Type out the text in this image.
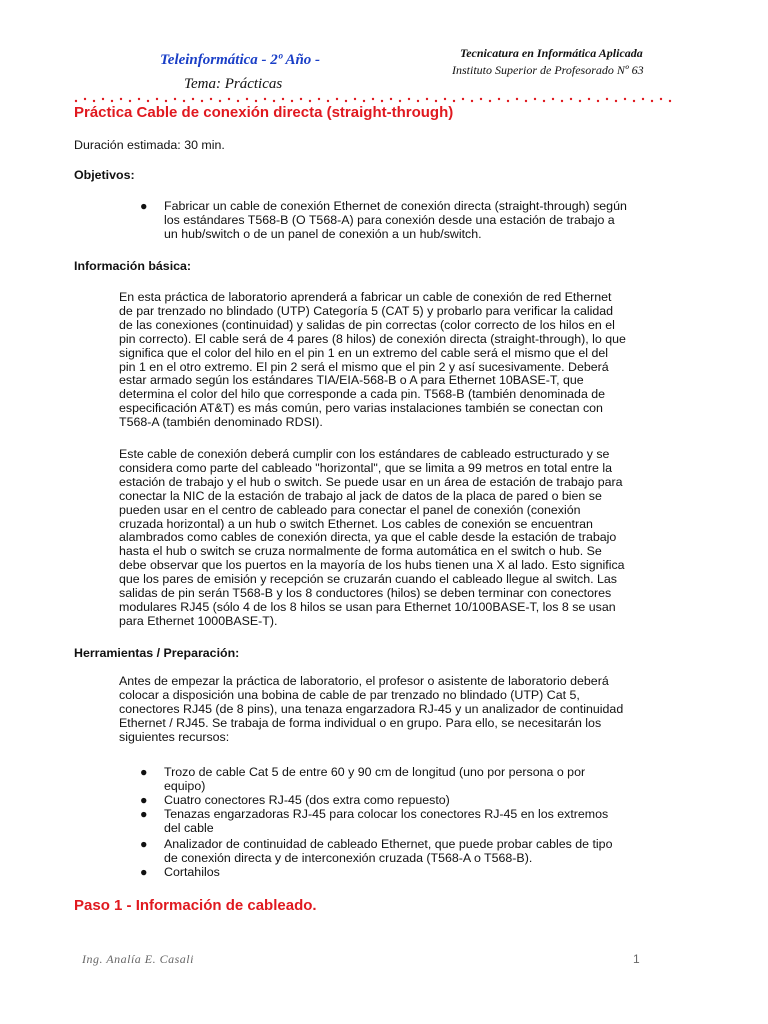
Teleinformática - 2º Año -
Tema: Prácticas
Tecnicatura en Informática Aplicada
Instituto Superior de Profesorado Nº 63
Práctica Cable de conexión directa (straight-through)
Duración estimada: 30 min.
Objetivos:
●	Fabricar un cable de conexión Ethernet de conexión directa (straight-through) según
los estándares T568-B (O T568-A) para conexión desde una estación de trabajo a
un hub/switch o de un panel de conexión a un hub/switch.
Información básica:
En esta práctica de laboratorio aprenderá a fabricar un cable de conexión de red Ethernet
de par trenzado no blindado (UTP) Categoría 5 (CAT 5) y probarlo para verificar la calidad
de las conexiones (continuidad) y salidas de pin correctas (color correcto de los hilos en el
pin correcto). El cable será de 4 pares (8 hilos) de conexión directa (straight-through), lo que
significa que el color del hilo en el pin 1 en un extremo del cable será el mismo que el del
pin 1 en el otro extremo. El pin 2 será el mismo que el pin 2 y así sucesivamente. Deberá
estar armado según los estándares TIA/EIA-568-B o A para Ethernet 10BASE-T, que
determina el color del hilo que corresponde a cada pin. T568-B (también denominada de
especificación AT&T) es más común, pero varias instalaciones también se conectan con
T568-A (también denominado RDSI).
Este cable de conexión deberá cumplir con los estándares de cableado estructurado y se
considera como parte del cableado "horizontal", que se limita a 99 metros en total entre la
estación de trabajo y el hub o switch. Se puede usar en un área de estación de trabajo para
conectar la NIC de la estación de trabajo al jack de datos de la placa de pared o bien se
pueden usar en el centro de cableado para conectar el panel de conexión (conexión
cruzada horizontal) a un hub o switch Ethernet. Los cables de conexión se encuentran
alambrados como cables de conexión directa, ya que el cable desde la estación de trabajo
hasta el hub o switch se cruza normalmente de forma automática en el switch o hub. Se
debe observar que los puertos en la mayoría de los hubs tienen una X al lado. Esto significa
que los pares de emisión y recepción se cruzarán cuando el cableado llegue al switch. Las
salidas de pin serán T568-B y los 8 conductores (hilos) se deben terminar con conectores
modulares RJ45 (sólo 4 de los 8 hilos se usan para Ethernet 10/100BASE-T, los 8 se usan
para Ethernet 1000BASE-T).
Herramientas / Preparación:
Antes de empezar la práctica de laboratorio, el profesor o asistente de laboratorio deberá
colocar a disposición una bobina de cable de par trenzado no blindado (UTP) Cat 5,
conectores RJ45 (de 8 pins), una tenaza engarzadora RJ-45 y un analizador de continuidad
Ethernet / RJ45. Se trabaja de forma individual o en grupo. Para ello, se necesitarán los
siguientes recursos:
●	Trozo de cable Cat 5 de entre 60 y 90 cm de longitud (uno por persona o por
equipo)
●	Cuatro conectores RJ-45 (dos extra como repuesto)
●	Tenazas engarzadoras RJ-45 para colocar los conectores RJ-45 en los extremos
del cable
●	Analizador de continuidad de cableado Ethernet, que puede probar cables de tipo
de conexión directa y de interconexión cruzada (T568-A o T568-B).
●	Cortahilos
Paso 1 - Información de cableado.
Ing. Analía E. Casali	1
